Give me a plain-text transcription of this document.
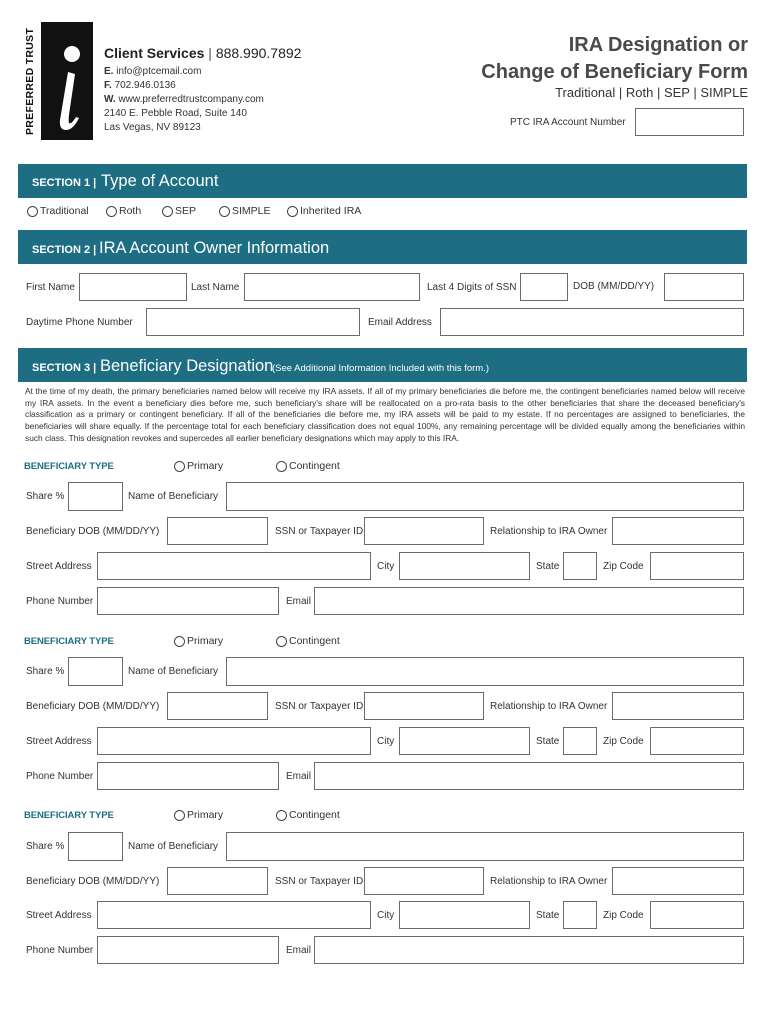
PREFERRED TRUST	Client Services | 888.990.7892
E. info@ptcemail.com
F. 702.946.0136
W. www.preferredtrustcompany.com
2140 E. Pebble Road, Suite 140
Las Vegas, NV 89123
IRA Designation or
Change of Beneficiary Form
Traditional | Roth | SEP | SIMPLE
PTC IRA Account Number
SECTION 1 | Type of Account
Traditional	Roth	SEP	SIMPLE	Inherited IRA
SECTION 2 | IRA Account Owner Information
First Name	Last Name	Last 4 Digits of SSN	DOB (MM/DD/YY)
Daytime Phone Number	Email Address
SECTION 3 | Beneficiary Designation
(See Additional Information Included with this form.)
At the time of my death, the primary beneficiaries named below will receive my IRA assets. If all of my primary beneficiaries die before me, the contingent beneficiaries named below will receive my IRA assets. In the event a beneficiary dies before me, such beneficiary's share will be reallocated on a pro-rata basis to the other beneficiaries that share the deceased beneficiary's classification as a primary or contingent beneficiary. If all of the beneficiaries die before me, my IRA assets will be paid to my estate. If no percentages are assigned to beneficiaries, the beneficiaries will share equally. If the percentage total for each beneficiary classification does not equal 100%, any remaining percentage will be divided equally among the beneficiaries within such class. This designation revokes and supercedes all earlier beneficiary designations which may apply to this IRA.
BENEFICIARY TYPE	Primary	Contingent
Share %	Name of Beneficiary
Beneficiary DOB (MM/DD/YY)	SSN or Taxpayer ID	Relationship to IRA Owner
Street Address	City	State	Zip Code
Phone Number	Email
BENEFICIARY TYPE	Primary	Contingent
Share %	Name of Beneficiary
Beneficiary DOB (MM/DD/YY)	SSN or Taxpayer ID	Relationship to IRA Owner
Street Address	City	State	Zip Code
Phone Number	Email
BENEFICIARY TYPE	Primary	Contingent
Share %	Name of Beneficiary
Beneficiary DOB (MM/DD/YY)	SSN or Taxpayer ID	Relationship to IRA Owner
Street Address	City	State	Zip Code
Phone Number	Email
